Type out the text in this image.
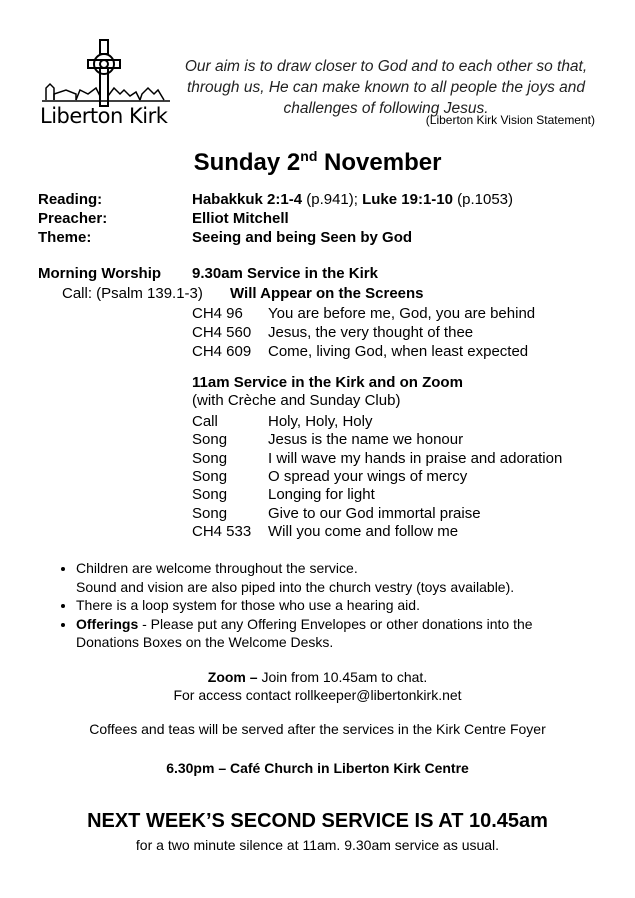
Liberton Kirk
Our aim is to draw closer to God and to each other so that, through us, He can make known to all people the joys and challenges of following Jesus.
(Liberton Kirk Vision Statement)
Sunday 2nd November
Reading:	Habakkuk 2:1-4 (p.941); Luke 19:1-10 (p.1053)
Preacher:	Elliot Mitchell
Theme:	Seeing and being Seen by God
Morning Worship 9.30am Service in the Kirk
Call: (Psalm 139.1-3) Will Appear on the Screens
CH4 96	You are before me, God, you are behind
CH4 560	Jesus, the very thought of thee
CH4 609	Come, living God, when least expected
11am Service in the Kirk and on Zoom
(with Crèche and Sunday Club)
Call	Holy, Holy, Holy
Song	Jesus is the name we honour
Song	I will wave my hands in praise and adoration
Song	O spread your wings of mercy
Song	Longing for light
Song	Give to our God immortal praise
CH4 533	Will you come and follow me
• Children are welcome throughout the service.
Sound and vision are also piped into the church vestry (toys available).
• There is a loop system for those who use a hearing aid.
• Offerings - Please put any Offering Envelopes or other donations into the Donations Boxes on the Welcome Desks.
Zoom – Join from 10.45am to chat.
For access contact rollkeeper@libertonkirk.net
Coffees and teas will be served after the services in the Kirk Centre Foyer
6.30pm – Café Church in Liberton Kirk Centre
NEXT WEEK’S SECOND SERVICE IS AT 10.45am
for a two minute silence at 11am. 9.30am service as usual.
